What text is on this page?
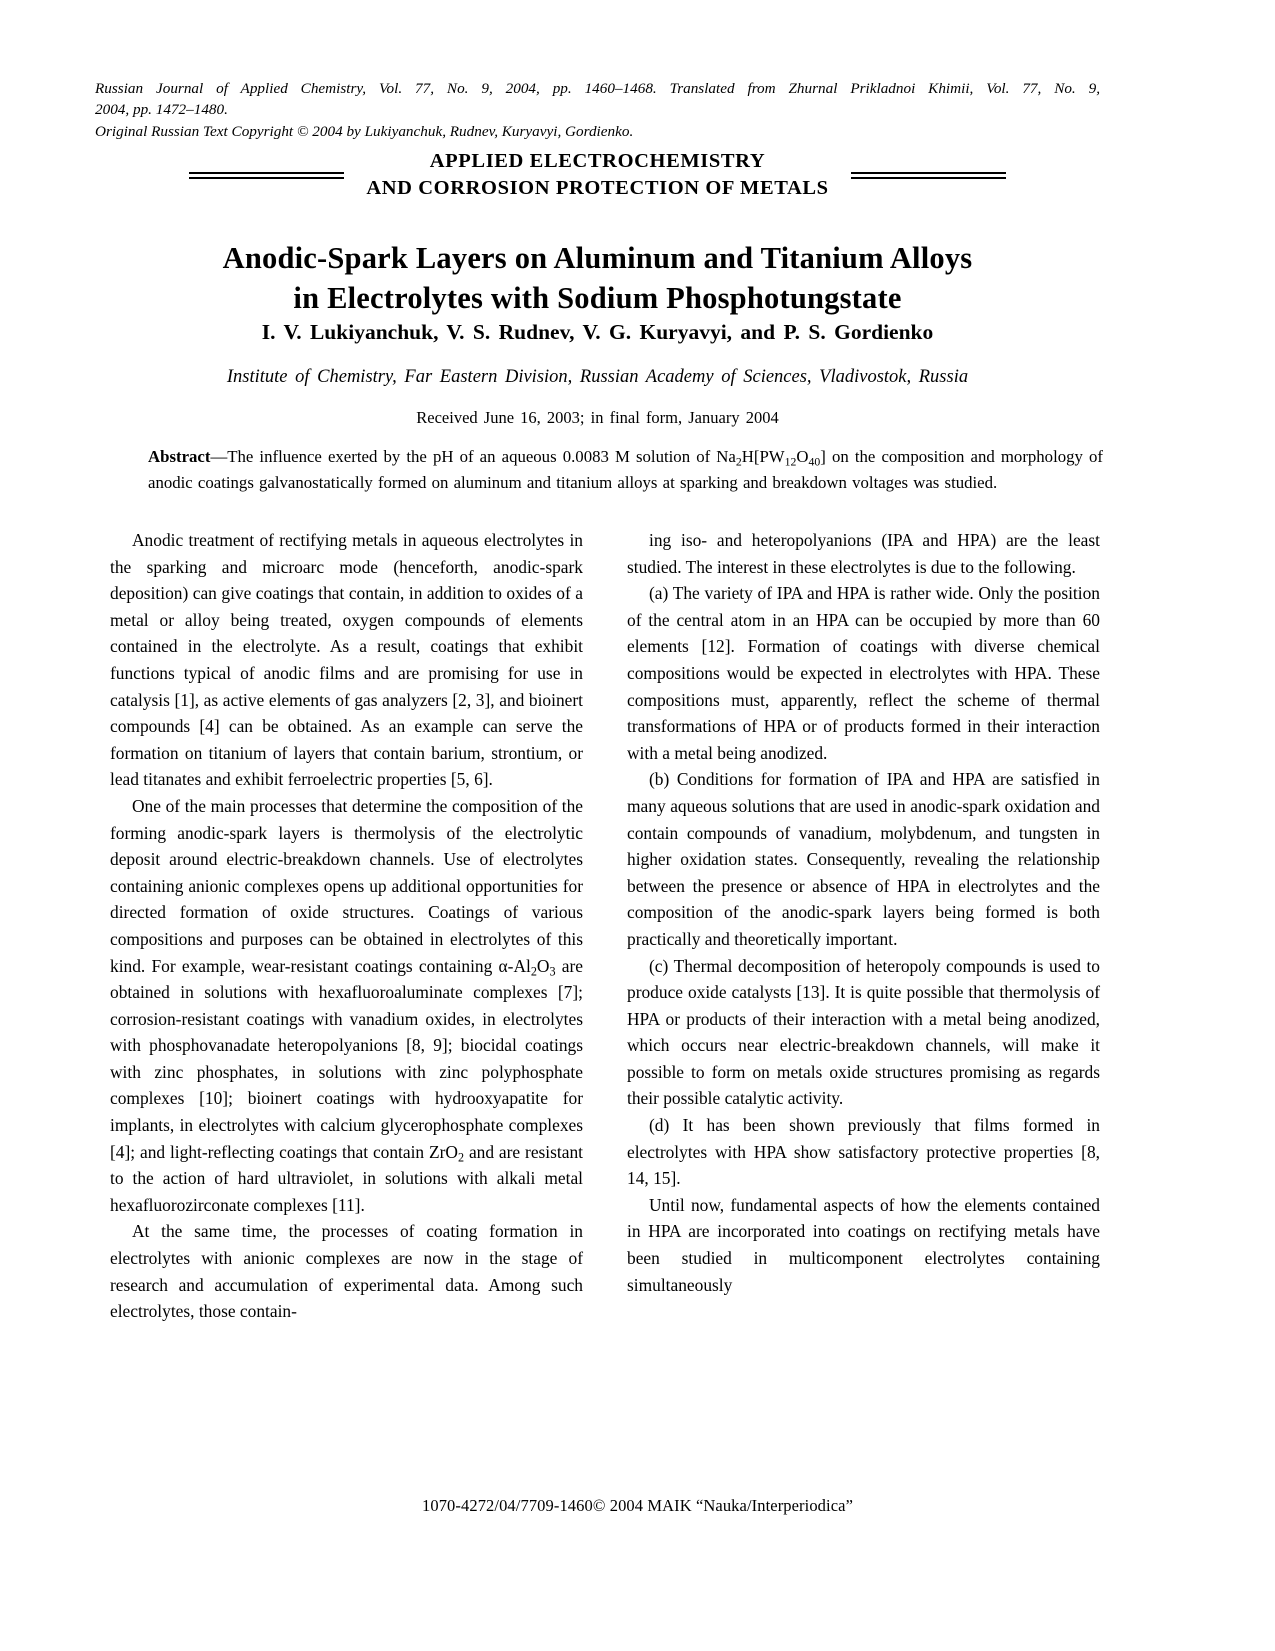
Russian Journal of Applied Chemistry, Vol. 77, No. 9, 2004, pp. 1460–1468. Translated from Zhurnal Prikladnoi Khimii, Vol. 77, No. 9,
2004, pp. 1472–1480.
Original Russian Text Copyright © 2004 by Lukiyanchuk, Rudnev, Kuryavyi, Gordienko.
APPLIED ELECTROCHEMISTRY
AND CORROSION PROTECTION OF METALS
Anodic-Spark Layers on Aluminum and Titanium Alloys
in Electrolytes with Sodium Phosphotungstate
I. V. Lukiyanchuk, V. S. Rudnev, V. G. Kuryavyi, and P. S. Gordienko
Institute of Chemistry, Far Eastern Division, Russian Academy of Sciences, Vladivostok, Russia
Received June 16, 2003; in final form, January 2004
Abstract—The influence exerted by the pH of an aqueous 0.0083 M solution of $Na_2H[PW_{12}O_{40}]$ on the composition and morphology of anodic coatings galvanostatically formed on aluminum and titanium alloys at sparking and breakdown voltages was studied.

Anodic treatment of rectifying metals in aqueous electrolytes in the sparking and microarc mode (henceforth, anodic-spark deposition) can give coatings that contain, in addition to oxides of a metal or alloy being treated, oxygen compounds of elements contained in the electrolyte. As a result, coatings that exhibit functions typical of anodic films and are promising for use in catalysis [1], as active elements of gas analyzers [2, 3], and bioinert compounds [4] can be obtained. As an example can serve the formation on titanium of layers that contain barium, strontium, or lead titanates and exhibit ferroelectric properties [5, 6].

One of the main processes that determine the composition of the forming anodic-spark layers is thermolysis of the electrolytic deposit around electric-breakdown channels. Use of electrolytes containing anionic complexes opens up additional opportunities for directed formation of oxide structures. Coatings of various compositions and purposes can be obtained in electrolytes of this kind. For example, wear-resistant coatings containing $\alpha-Al_2O_3$ are obtained in solutions with hexafluoroaluminate complexes [7]; corrosion-resistant coatings with vanadium oxides, in electrolytes with phosphovanadate heteropolyanions [8, 9]; biocidal coatings with zinc phosphates, in solutions with zinc polyphosphate complexes [10]; bioinert coatings with hydrooxyapatite for implants, in electrolytes with calcium glycerophosphate complexes [4]; and light-reflecting coatings that contain ZrO$_2$ and are resistant to the action of hard ultraviolet, in solutions with alkali metal hexafluorozirconate complexes [11].

At the same time, the processes of coating formation in electrolytes with anionic complexes are now in the stage of research and accumulation of experimental data. Among such electrolytes, those contain-

ing iso- and heteropolyanions (IPA and HPA) are the least studied. The interest in these electrolytes is due to the following.

(a) The variety of IPA and HPA is rather wide. Only the position of the central atom in an HPA can be occupied by more than 60 elements [12]. Formation of coatings with diverse chemical compositions would be expected in electrolytes with HPA. These compositions must, apparently, reflect the scheme of thermal transformations of HPA or of products formed in their interaction with a metal being anodized.

(b) Conditions for formation of IPA and HPA are satisfied in many aqueous solutions that are used in anodic-spark oxidation and contain compounds of vanadium, molybdenum, and tungsten in higher oxidation states. Consequently, revealing the relationship between the presence or absence of HPA in electrolytes and the composition of the anodic-spark layers being formed is both practically and theoretically important.

(c) Thermal decomposition of heteropoly compounds is used to produce oxide catalysts [13]. It is quite possible that thermolysis of HPA or products of their interaction with a metal being anodized, which occurs near electric-breakdown channels, will make it possible to form on metals oxide structures promising as regards their possible catalytic activity.

(d) It has been shown previously that films formed in electrolytes with HPA show satisfactory protective properties [8, 14, 15].

Until now, fundamental aspects of how the elements contained in HPA are incorporated into coatings on rectifying metals have been studied in multicomponent electrolytes containing simultaneously

1070-4272/04/7709-1460© 2004 MAIK “Nauka/Interperiodica”
